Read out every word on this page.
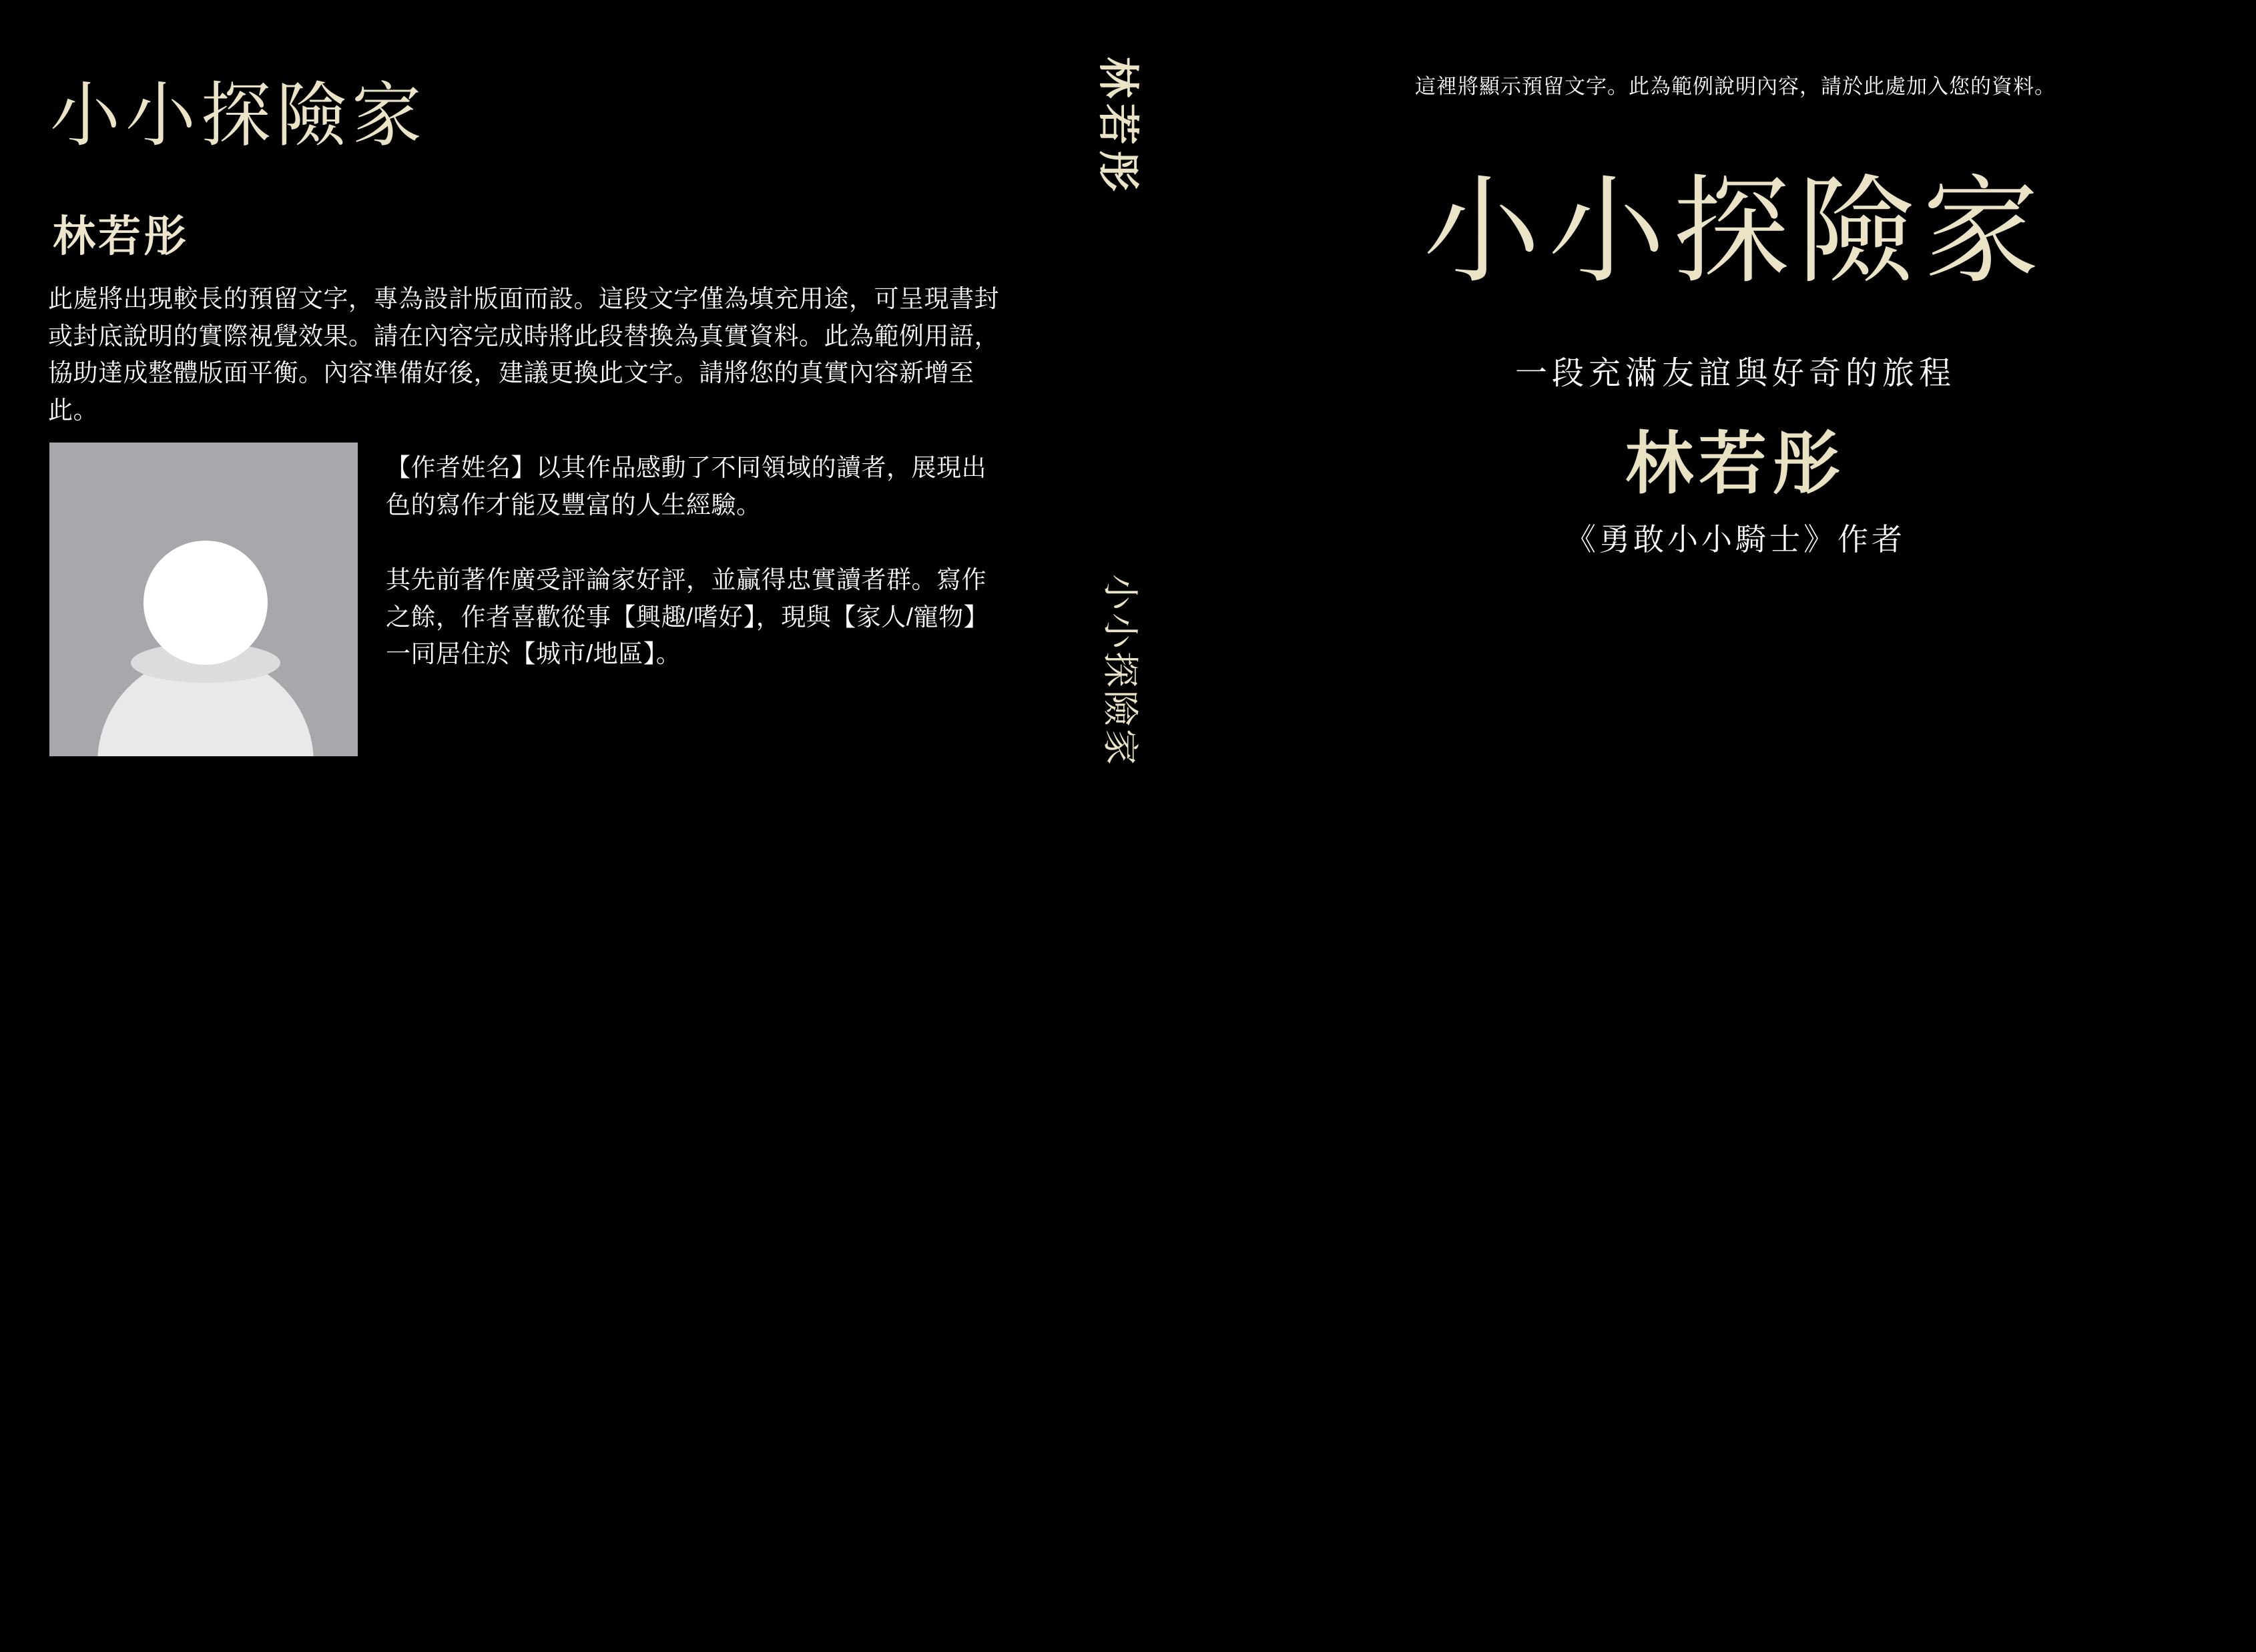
小小探險家
林若彤

此處將出現較長的預留文字，專為設計版面而設。這段文字僅為填充用途，可呈現書封或封底說明的實際視覺效果。請在內容完成時將此段替換為真實資料。此為範例用語，協助達成整體版面平衡。內容準備好後，建議更換此文字。請將您的真實內容新增至此。

【作者姓名】以其作品感動了不同領域的讀者，展現出色的寫作才能及豐富的人生經驗。

其先前著作廣受評論家好評，並贏得忠實讀者群。寫作之餘，作者喜歡從事【興趣/嗜好】，現與【家人/寵物】一同居住於【城市/地區】。

林若彤
小小探險家
這裡將顯示預留文字。此為範例說明內容，請於此處加入您的資料。
小小探險家
一段充滿友誼與好奇的旅程
林若彤
《勇敢小小騎士》作者
